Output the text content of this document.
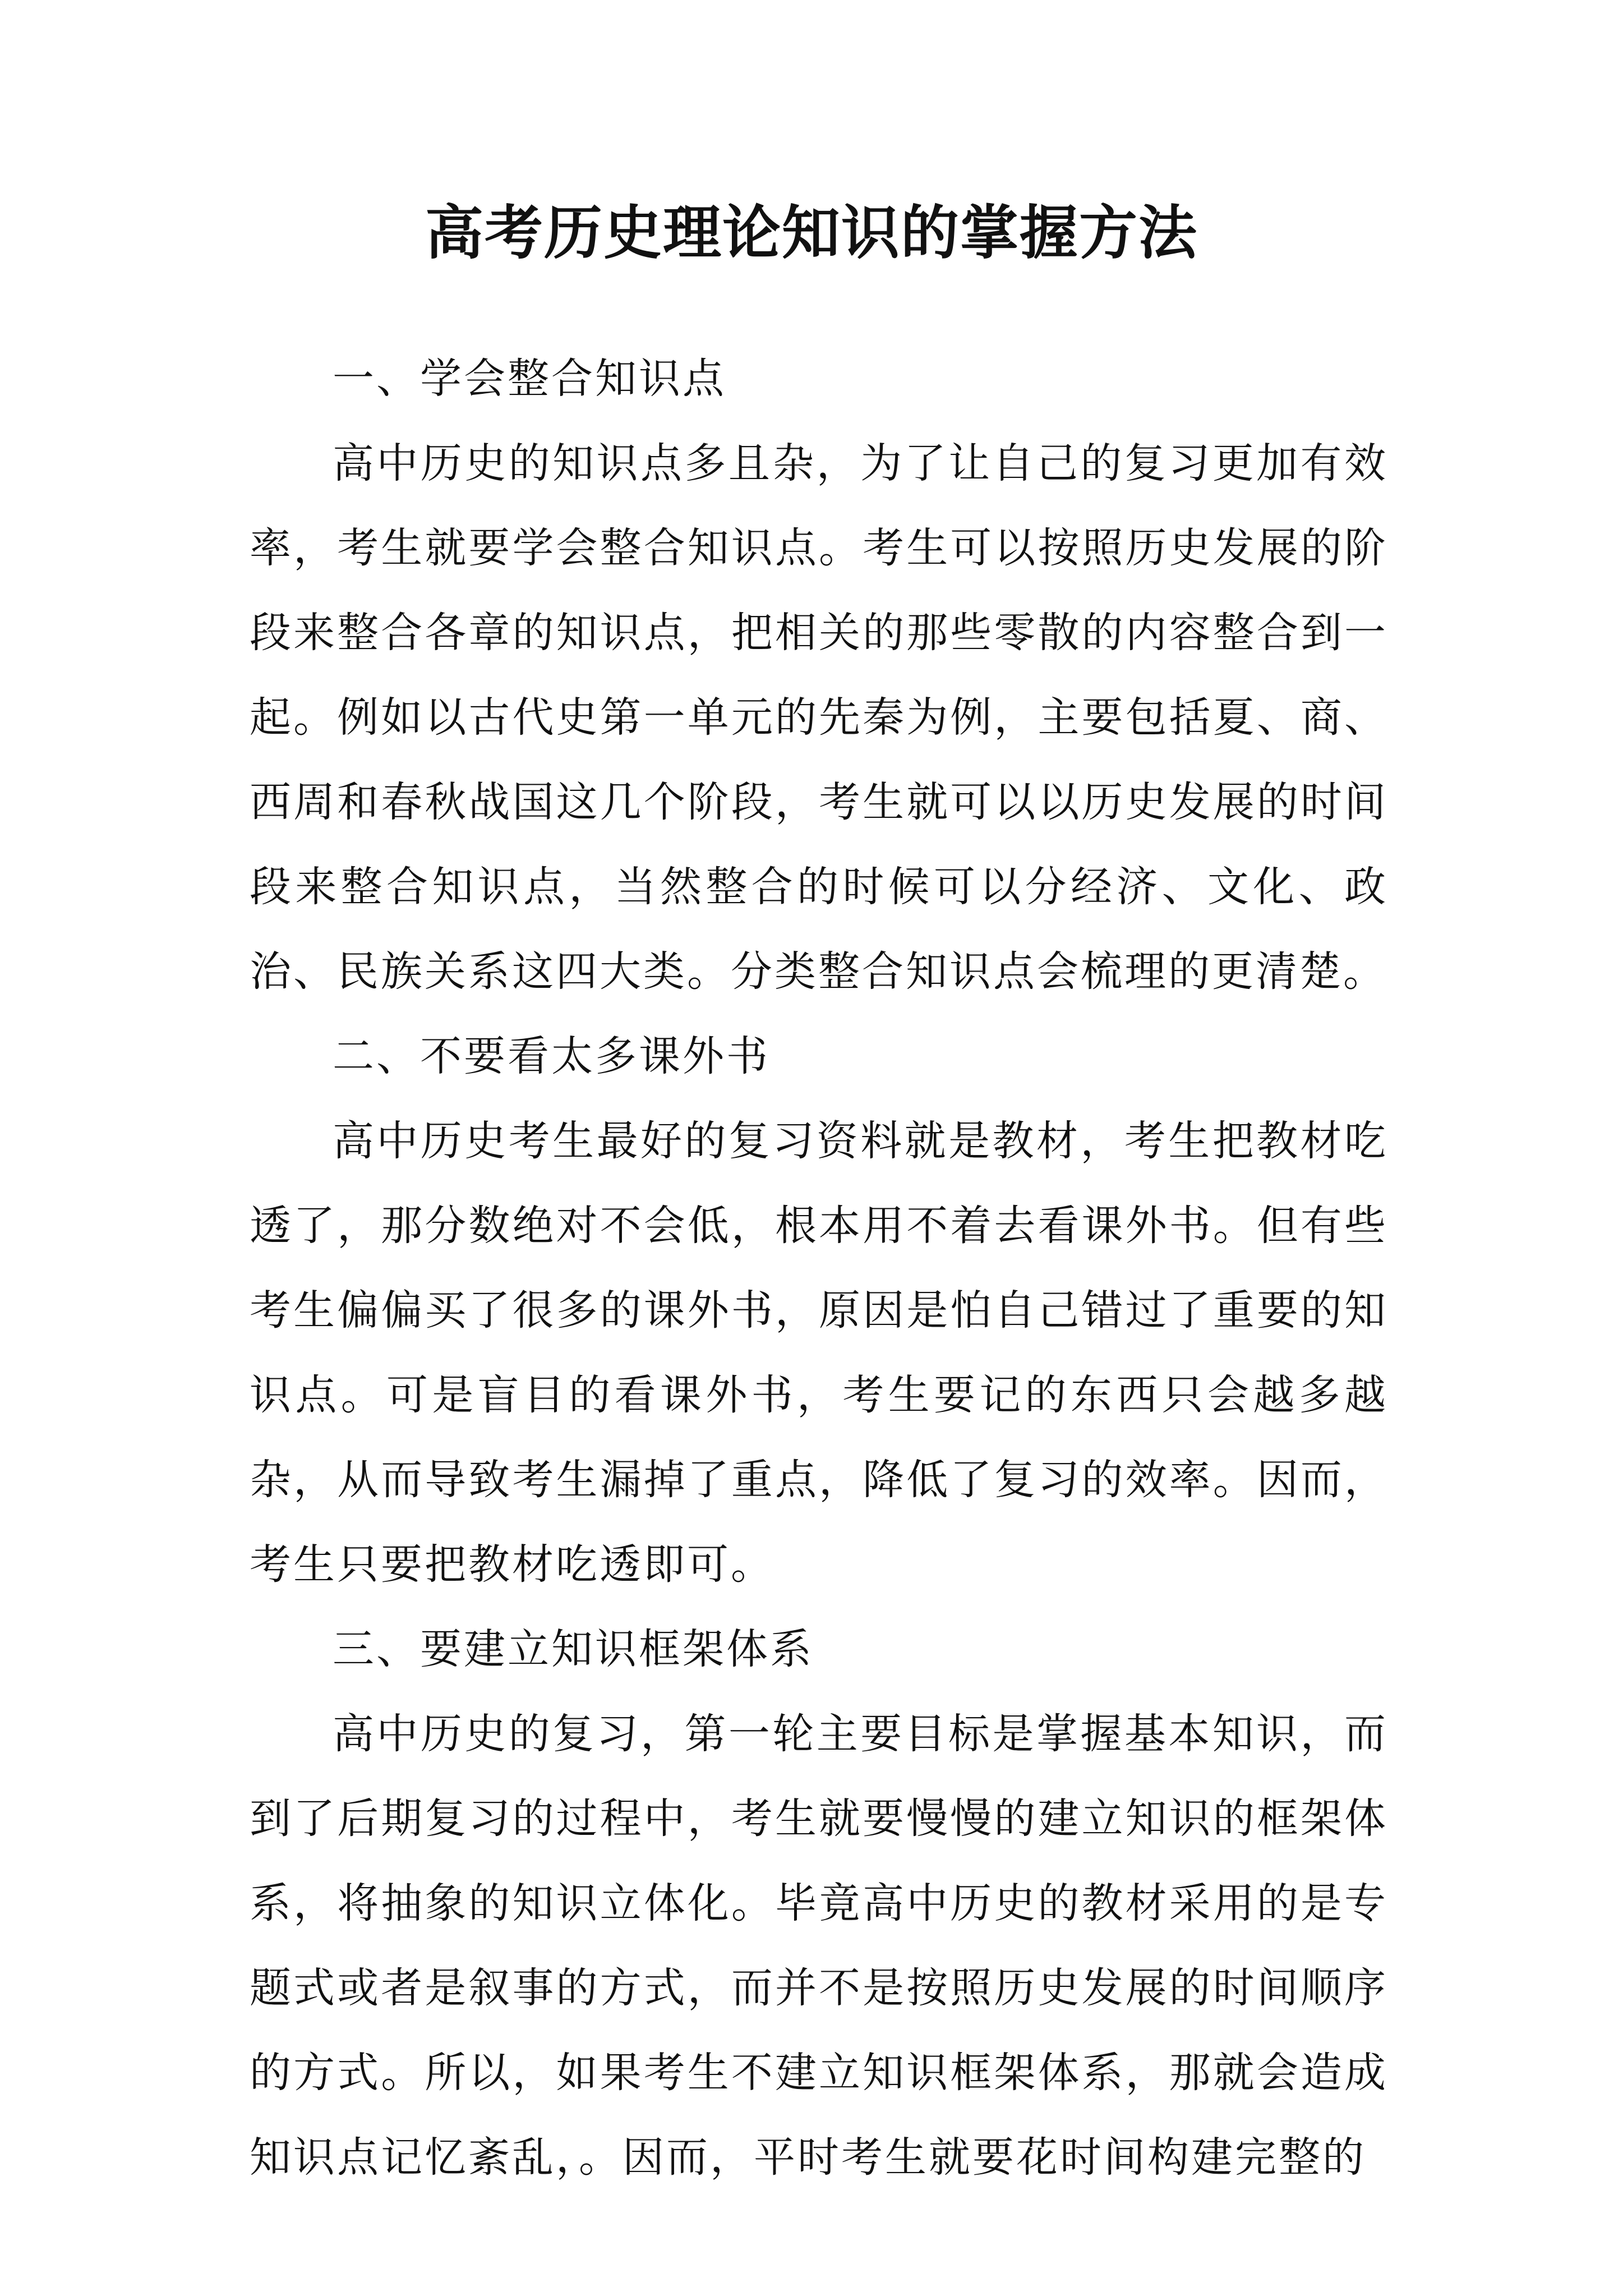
高考历史理论知识的掌握方法

一、学会整合知识点

高中历史的知识点多且杂，为了让自己的复习更加有效率，考生就要学会整合知识点。考生可以按照历史发展的阶段来整合各章的知识点，把相关的那些零散的内容整合到一起。例如以古代史第一单元的先秦为例，主要包括夏、商、西周和春秋战国这几个阶段，考生就可以以历史发展的时间段来整合知识点，当然整合的时候可以分经济、文化、政治、民族关系这四大类。分类整合知识点会梳理的更清楚。

二、不要看太多课外书

高中历史考生最好的复习资料就是教材，考生把教材吃透了，那分数绝对不会低，根本用不着去看课外书。但有些考生偏偏买了很多的课外书，原因是怕自己错过了重要的知识点。可是盲目的看课外书，考生要记的东西只会越多越杂，从而导致考生漏掉了重点，降低了复习的效率。因而，考生只要把教材吃透即可。

三、要建立知识框架体系

高中历史的复习，第一轮主要目标是掌握基本知识，而到了后期复习的过程中，考生就要慢慢的建立知识的框架体系，将抽象的知识立体化。毕竟高中历史的教材采用的是专题式或者是叙事的方式，而并不是按照历史发展的时间顺序的方式。所以，如果考生不建立知识框架体系，那就会造成知识点记忆紊乱，。因而，平时考生就要花时间构建完整的
